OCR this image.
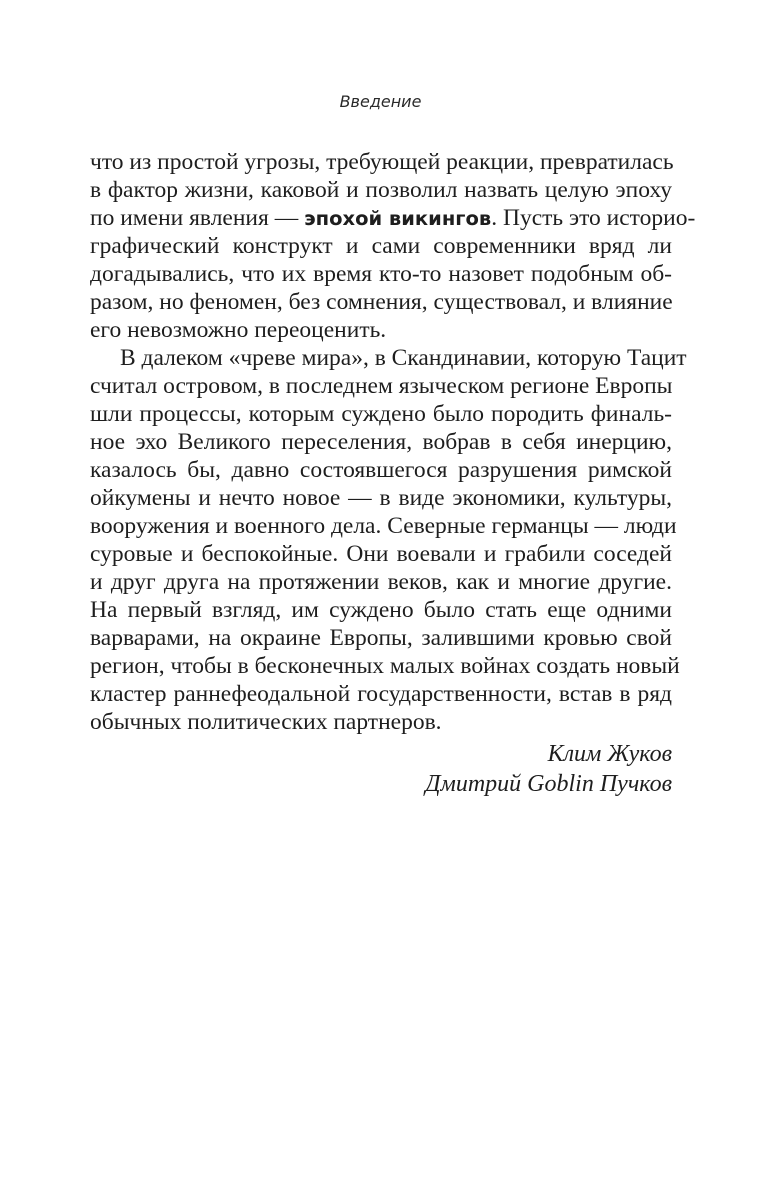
Введение
что из простой угрозы, требующей реакции, превратилась
в фактор жизни, каковой и позволил назвать целую эпоху
по имени явления — эпохой викингов. Пусть это историо-
графический конструкт и сами современники вряд ли
догадывались, что их время кто-то назовет подобным об-
разом, но феномен, без сомнения, существовал, и влияние
его невозможно переоценить.
В далеком «чреве мира», в Скандинавии, которую Тацит
считал островом, в последнем языческом регионе Европы
шли процессы, которым суждено было породить финаль-
ное эхо Великого переселения, вобрав в себя инерцию,
казалось бы, давно состоявшегося разрушения римской
ойкумены и нечто новое — в виде экономики, культуры,
вооружения и военного дела. Северные германцы — люди
суровые и беспокойные. Они воевали и грабили соседей
и друг друга на протяжении веков, как и многие другие.
На первый взгляд, им суждено было стать еще одними
варварами, на окраине Европы, залившими кровью свой
регион, чтобы в бесконечных малых войнах создать новый
кластер раннефеодальной государственности, встав в ряд
обычных политических партнеров.
Клим Жуков
Дмитрий Goblin Пучков
